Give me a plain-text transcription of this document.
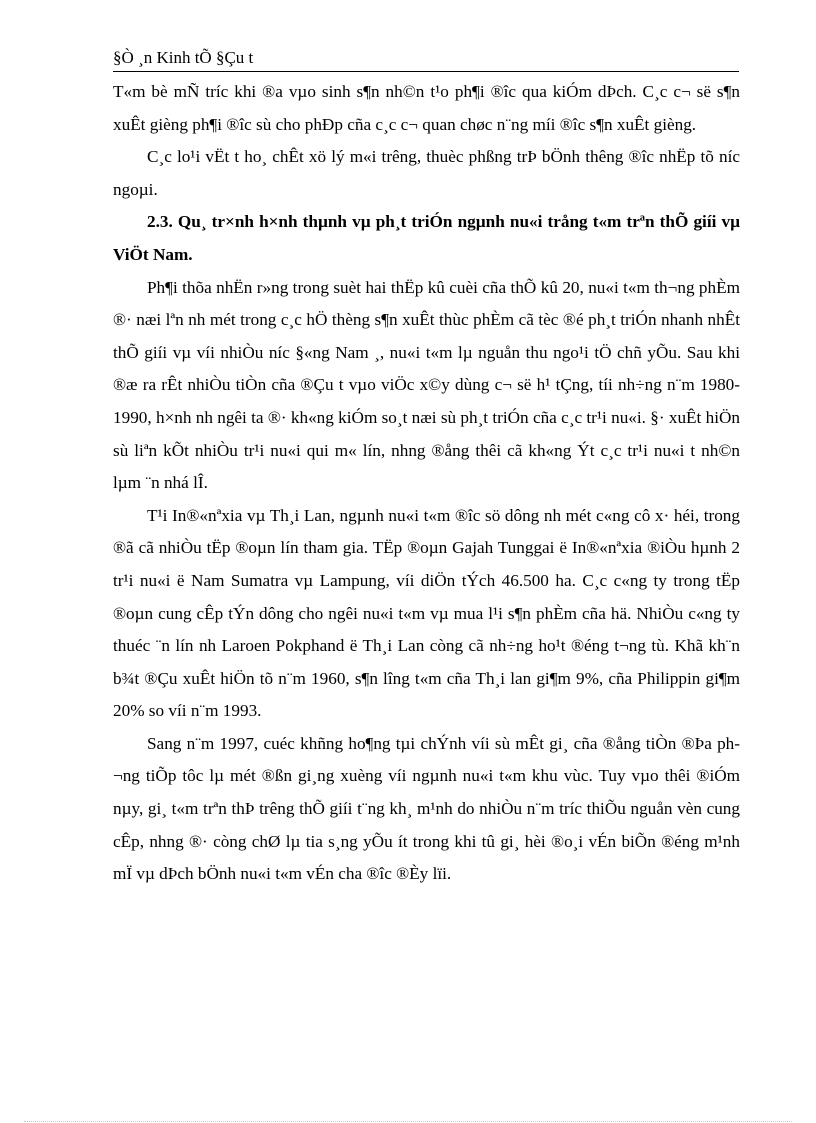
§Ò ¸n Kinh tÕ §Çu t

T«m bè mÑ tríc khi ®a vµo sinh s¶n nh©n t¹o ph¶i ®îc qua kiÓm dÞch. C¸c c¬ së s¶n xuÊt gièng ph¶i ®îc sù cho phÐp cña c¸c c¬ quan chøc n¨ng míi ®îc s¶n xuÊt gièng.

C¸c lo¹i vËt t ho¸ chÊt xö lý m«i trêng, thuèc phßng trÞ bÖnh thêng ®îc nhËp tõ níc ngoµi.

2.3. Qu¸ tr×nh h×nh thµnh vµ ph¸t triÓn ngµnh nu«i trång t«m trªn thÕ giíi vµ ViÖt Nam.

Ph¶i thõa nhËn r»ng trong suèt hai thËp kû cuèi cña thÕ kû 20, nu«i t«m th¬ng phÈm ®· næi lªn nh mét trong c¸c hÖ thèng s¶n xuÊt thùc phÈm cã tèc ®é ph¸t triÓn nhanh nhÊt thÕ giíi vµ víi nhiÒu níc §«ng Nam ¸, nu«i t«m lµ nguån thu ngo¹i tÖ chñ yÕu. Sau khi ®æ ra rÊt nhiÒu tiÒn cña ®Çu t vµo viÖc x©y dùng c¬ së h¹ tÇng, tíi nh÷ng n¨m 1980-1990, h×nh nh ngêi ta ®· kh«ng kiÓm so¸t næi sù ph¸t triÓn cña c¸c tr¹i nu«i. §· xuÊt hiÖn sù liªn kÕt nhiÒu tr¹i nu«i qui m« lín, nhng ®ång thêi cã kh«ng Ýt c¸c tr¹i nu«i t nh©n lµm ¨n nhá lÎ.

T¹i In®«nªxia vµ Th¸i Lan, ngµnh nu«i t«m ®îc sö dông nh mét c«ng cô x· héi, trong ®ã cã nhiÒu tËp ®oµn lín tham gia. TËp ®oµn Gajah Tunggai ë In®«nªxia ®iÒu hµnh 2 tr¹i nu«i ë Nam Sumatra vµ Lampung, víi diÖn tÝch 46.500 ha. C¸c c«ng ty trong tËp ®oµn cung cÊp tÝn dông cho ngêi nu«i t«m vµ mua l¹i s¶n phÈm cña hä. NhiÒu c«ng ty thuéc ¨n lín nh Laroen Pokphand ë Th¸i Lan còng cã nh÷ng ho¹t ®éng t¬ng tù. Khã kh¨n b¾t ®Çu xuÊt hiÖn tõ n¨m 1960, s¶n lîng t«m cña Th¸i lan gi¶m 9%, cña Philippin gi¶m 20% so víi n¨m 1993.

Sang n¨m 1997, cuéc khñng ho¶ng tµi chÝnh víi sù mÊt gi¸ cña ®ång tiÒn ®Þa ph¬ng tiÕp tôc lµ mét ®ßn gi¸ng xuèng víi ngµnh nu«i t«m khu vùc. Tuy vµo thêi ®iÓm nµy, gi¸ t«m trªn thÞ trêng thÕ giíi t¨ng kh¸ m¹nh do nhiÒu n¨m tríc thiÕu nguån vèn cung cÊp, nhng ®· còng chØ lµ tia s¸ng yÕu ít trong khi tû gi¸ hèi ®o¸i vÉn biÕn ®éng m¹nh mÏ vµ dÞch bÖnh nu«i t«m vÉn cha ®îc ®Èy lïi.
